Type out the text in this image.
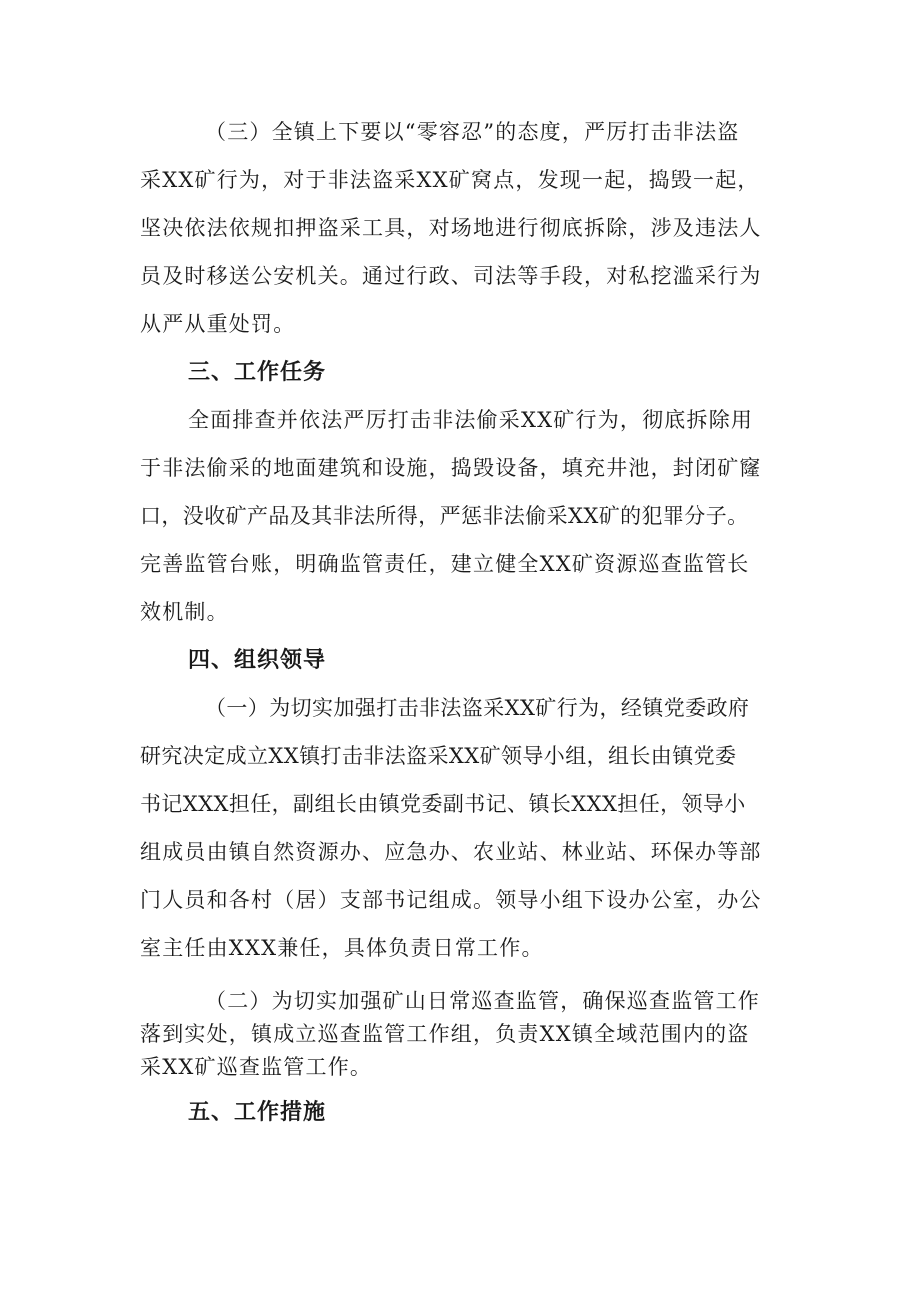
（三）全镇上下要以“零容忍”的态度，严厉打击非法盗
采XX矿行为，对于非法盗采XX矿窝点，发现一起，捣毁一起，
坚决依法依规扣押盗采工具，对场地进行彻底拆除，涉及违法人
员及时移送公安机关。通过行政、司法等手段，对私挖滥采行为
从严从重处罚。
三、工作任务
全面排查并依法严厉打击非法偷采XX矿行为，彻底拆除用
于非法偷采的地面建筑和设施，捣毁设备，填充井池，封闭矿窿
口，没收矿产品及其非法所得，严惩非法偷采XX矿的犯罪分子。
完善监管台账，明确监管责任，建立健全XX矿资源巡查监管长
效机制。
四、组织领导
（一）为切实加强打击非法盗采XX矿行为，经镇党委政府
研究决定成立XX镇打击非法盗采XX矿领导小组，组长由镇党委
书记XXX担任，副组长由镇党委副书记、镇长XXX担任，领导小
组成员由镇自然资源办、应急办、农业站、林业站、环保办等部
门人员和各村（居）支部书记组成。领导小组下设办公室，办公
室主任由XXX兼任，具体负责日常工作。
（二）为切实加强矿山日常巡查监管，确保巡查监管工作
落到实处，镇成立巡查监管工作组，负责XX镇全域范围内的盗
采XX矿巡查监管工作。
五、工作措施
